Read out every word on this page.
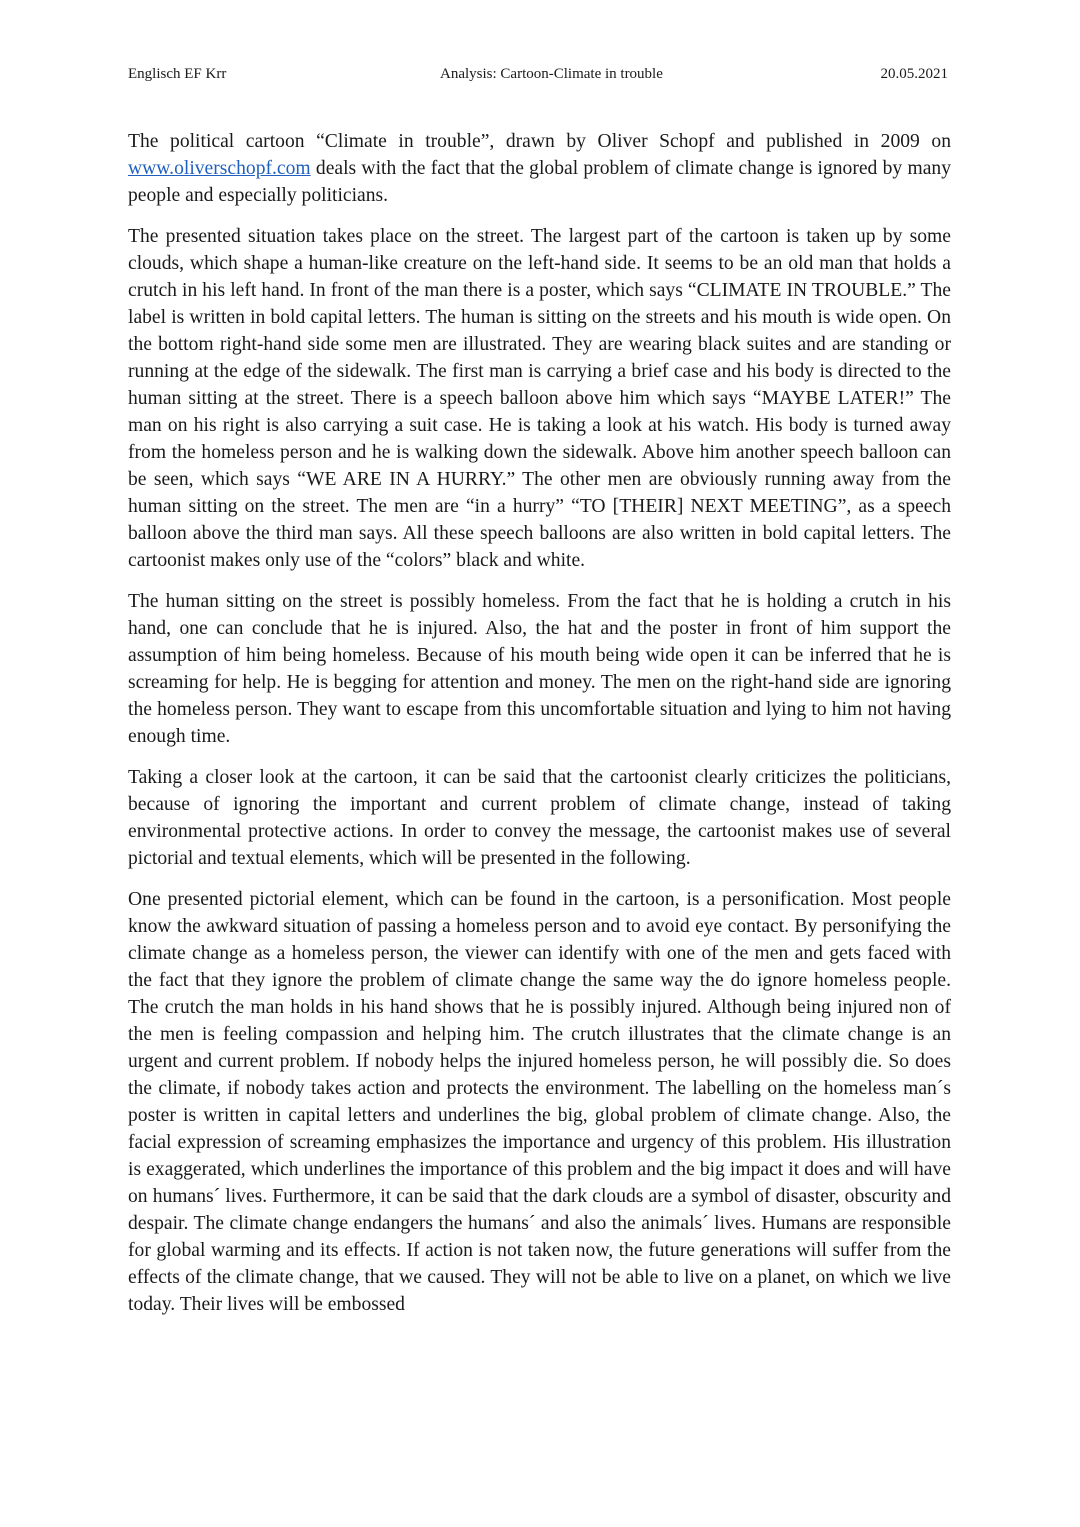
Englisch EF Krr	Analysis: Cartoon-Climate in trouble	20.05.2021

The political cartoon “Climate in trouble”, drawn by Oliver Schopf and published in 2009 on www.oliverschopf.com deals with the fact that the global problem of climate change is ignored by many people and especially politicians.

The presented situation takes place on the street. The largest part of the cartoon is taken up by some clouds, which shape a human-like creature on the left-hand side. It seems to be an old man that holds a crutch in his left hand. In front of the man there is a poster, which says “CLIMATE IN TROUBLE.” The label is written in bold capital letters. The human is sitting on the streets and his mouth is wide open. On the bottom right-hand side some men are illustrated. They are wearing black suites and are standing or running at the edge of the sidewalk. The first man is carrying a brief case and his body is directed to the human sitting at the street. There is a speech balloon above him which says “MAYBE LATER!” The man on his right is also carrying a suit case. He is taking a look at his watch. His body is turned away from the homeless person and he is walking down the sidewalk. Above him another speech balloon can be seen, which says “WE ARE IN A HURRY.” The other men are obviously running away from the human sitting on the street. The men are “in a hurry” “TO [THEIR] NEXT MEETING”, as a speech balloon above the third man says. All these speech balloons are also written in bold capital letters. The cartoonist makes only use of the “colors” black and white.

The human sitting on the street is possibly homeless. From the fact that he is holding a crutch in his hand, one can conclude that he is injured. Also, the hat and the poster in front of him support the assumption of him being homeless. Because of his mouth being wide open it can be inferred that he is screaming for help. He is begging for attention and money. The men on the right-hand side are ignoring the homeless person. They want to escape from this uncomfortable situation and lying to him not having enough time.

Taking a closer look at the cartoon, it can be said that the cartoonist clearly criticizes the politicians, because of ignoring the important and current problem of climate change, instead of taking environmental protective actions. In order to convey the message, the cartoonist makes use of several pictorial and textual elements, which will be presented in the following.

One presented pictorial element, which can be found in the cartoon, is a personification. Most people know the awkward situation of passing a homeless person and to avoid eye contact. By personifying the climate change as a homeless person, the viewer can identify with one of the men and gets faced with the fact that they ignore the problem of climate change the same way the do ignore homeless people. The crutch the man holds in his hand shows that he is possibly injured. Although being injured non of the men is feeling compassion and helping him. The crutch illustrates that the climate change is an urgent and current problem. If nobody helps the injured homeless person, he will possibly die. So does the climate, if nobody takes action and protects the environment. The labelling on the homeless man´s poster is written in capital letters and underlines the big, global problem of climate change. Also, the facial expression of screaming emphasizes the importance and urgency of this problem. His illustration is exaggerated, which underlines the importance of this problem and the big impact it does and will have on humans´ lives. Furthermore, it can be said that the dark clouds are a symbol of disaster, obscurity and despair. The climate change endangers the humans´ and also the animals´ lives. Humans are responsible for global warming and its effects. If action is not taken now, the future generations will suffer from the effects of the climate change, that we caused. They will not be able to live on a planet, on which we live today. Their lives will be embossed
